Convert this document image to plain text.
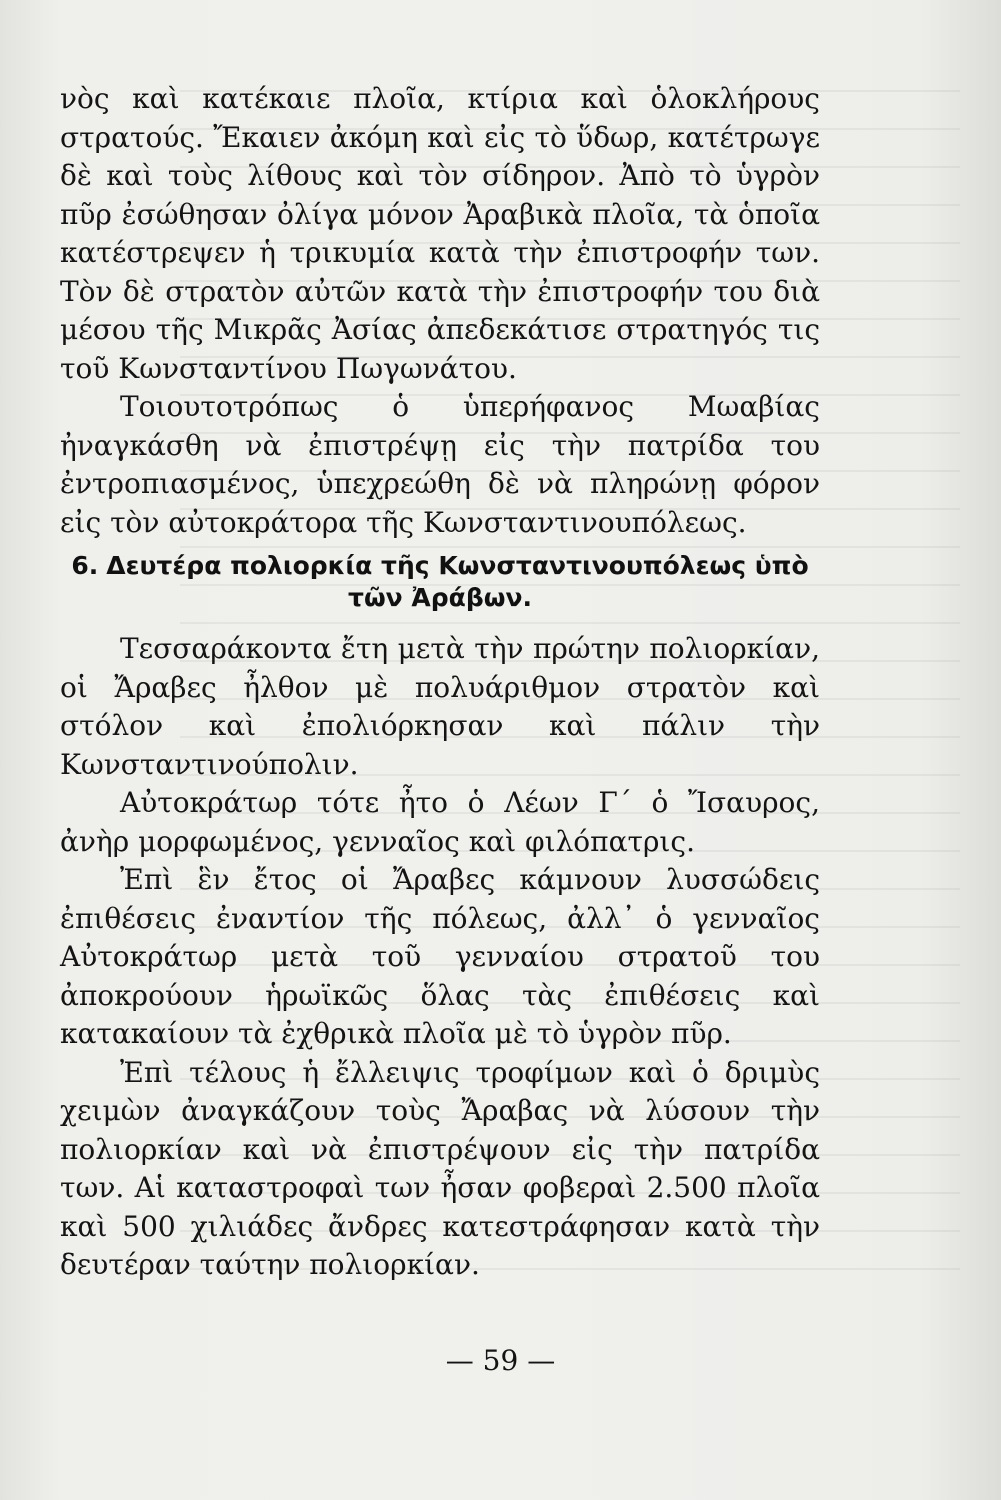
νὸς καὶ κατέκαιε πλοῖα, κτίρια καὶ ὁλοκλήρους στρατούς. Ἔκαιεν ἀκόμη καὶ εἰς τὸ ὕδωρ, κατέτρωγε δὲ καὶ τοὺς λίθους καὶ τὸν σίδηρον. Ἀπὸ τὸ ὑγρὸν πῦρ ἐσώθησαν ὀλίγα μόνον Ἀραβικὰ πλοῖα, τὰ ὁποῖα κατέστρεψεν ἡ τρικυμία κατὰ τὴν ἐπιστροφήν των. Τὸν δὲ στρατὸν αὐτῶν κατὰ τὴν ἐπιστροφήν του διὰ μέσου τῆς Μικρᾶς Ἀσίας ἀπεδεκάτισε στρατηγός τις τοῦ Κωνσταντίνου Πωγωνάτου.

Τοιουτοτρόπως ὁ ὑπερήφανος Μωαβίας ἠναγκάσθη νὰ ἐπιστρέψῃ εἰς τὴν πατρίδα του ἐντροπιασμένος, ὑπεχρεώθη δὲ νὰ πληρώνῃ φόρον εἰς τὸν αὐτοκράτορα τῆς Κωνσταντινουπόλεως.

6. Δευτέρα πολιορκία τῆς Κωνσταντινουπόλεως ὑπὸ τῶν Ἀράβων.

Τεσσαράκοντα ἔτη μετὰ τὴν πρώτην πολιορκίαν, οἱ Ἄραβες ἦλθον μὲ πολυάριθμον στρατὸν καὶ στόλον καὶ ἐπολιόρκησαν καὶ πάλιν τὴν Κωνσταντινούπολιν.

Αὐτοκράτωρ τότε ἦτο ὁ Λέων Γ΄ ὁ Ἴσαυρος, ἀνὴρ μορφωμένος, γενναῖος καὶ φιλόπατρις.

Ἐπὶ ἓν ἔτος οἱ Ἄραβες κάμνουν λυσσώδεις ἐπιθέσεις ἐναντίον τῆς πόλεως, ἀλλ᾽ ὁ γενναῖος Αὐτοκράτωρ μετὰ τοῦ γενναίου στρατοῦ του ἀποκρούουν ἡρωϊκῶς ὅλας τὰς ἐπιθέσεις καὶ κατακαίουν τὰ ἐχθρικὰ πλοῖα μὲ τὸ ὑγρὸν πῦρ.

Ἐπὶ τέλους ἡ ἔλλειψις τροφίμων καὶ ὁ δριμὺς χειμὼν ἀναγκάζουν τοὺς Ἄραβας νὰ λύσουν τὴν πολιορκίαν καὶ νὰ ἐπιστρέψουν εἰς τὴν πατρίδα των. Αἱ καταστροφαὶ των ἦσαν φοβεραὶ 2.500 πλοῖα καὶ 500 χιλιάδες ἄνδρες κατεστράφησαν κατὰ τὴν δευτέραν ταύτην πολιορκίαν.

— 59 —
